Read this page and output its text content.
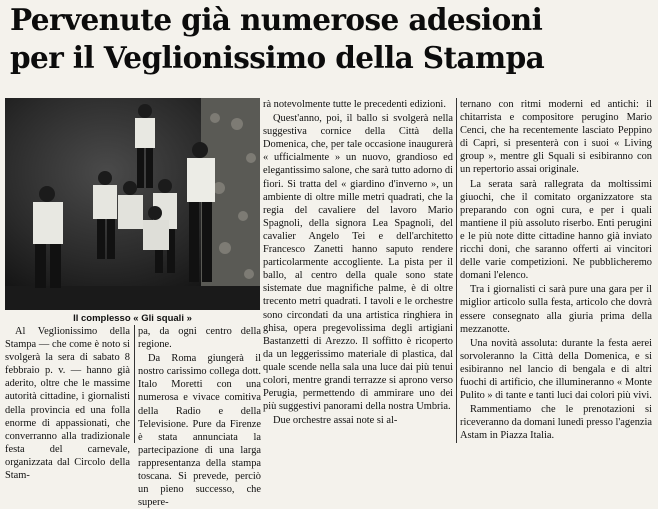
Pervenute già numerose adesioni
per il Veglionissimo della Stampa
Il complesso « Gli squali »

Al Veglionissimo della Stampa — che come è noto si svolgerà la sera di sabato 8 febbraio p. v. — hanno già aderito, oltre che le massime autorità cittadine, i giornalisti della provincia ed una folla enorme di appassionati, che converranno alla tradizionale festa del carnevale, organizzata dal Circolo della Stam-

pa, da ogni centro della regione.

Da Roma giungerà il nostro carissimo collega dott. Italo Moretti con una numerosa e vivace comitiva della Radio e della Televisione. Pure da Firenze è stata annunciata la partecipazione di una larga rappresentanza della stampa toscana. Si prevede, perciò un pieno successo, che supere-

rà notevolmente tutte le precedenti edizioni.

Quest'anno, poi, il ballo si svolgerà nella suggestiva cornice della Città della Domenica, che, per tale occasione inaugurerà « ufficialmente » un nuovo, grandioso ed elegantissimo salone, che sarà tutto adorno di fiori. Si tratta del « giardino d'inverno », un ambiente di oltre mille metri quadrati, che la regia del cavaliere del lavoro Mario Spagnoli, della signora Lea Spagnoli, del cavalier Angelo Tei e dell'architetto Francesco Zanetti hanno saputo rendere particolarmente accogliente. La pista per il ballo, al centro della quale sono state sistemate due magnifiche palme, è di oltre trecento metri quadrati. I tavoli e le orchestre sono circondati da una artistica ringhiera in ghisa, opera pregevolissima degli artigiani Bastanzetti di Arezzo. Il soffitto è ricoperto da un leggerissimo materiale di plastica, dal quale scende nella sala una luce dai più tenui colori, mentre grandi terrazze si aprono verso Perugia, permettendo di ammirare uno dei più suggestivi panorami della nostra Umbria.

Due orchestre assai note si al-

ternano con ritmi moderni ed antichi: il chitarrista e compositore perugino Mario Cenci, che ha recentemente lasciato Peppino di Capri, si presenterà con i suoi « Living group », mentre gli Squali si esibiranno con un repertorio assai originale.

La serata sarà rallegrata da moltissimi giuochi, che il comitato organizzatore sta preparando con ogni cura, e per i quali mantiene il più assoluto riserbo. Enti perugini e le più note ditte cittadine hanno già inviato ricchi doni, che saranno offerti ai vincitori delle varie competizioni. Ne pubblicheremo domani l'elenco.

Tra i giornalisti ci sarà pure una gara per il miglior articolo sulla festa, articolo che dovrà essere consegnato alla giuria prima della mezzanotte.

Una novità assoluta: durante la festa aerei sorvoleranno la Città della Domenica, e si esibiranno nel lancio di bengala e di altri fuochi di artificio, che illumineranno « Monte Pulito » di tante e tanti luci dai colori più vivi.

Rammentiamo che le prenotazioni si riceveranno da domani lunedì presso l'agenzia Astam in Piazza Italia.
